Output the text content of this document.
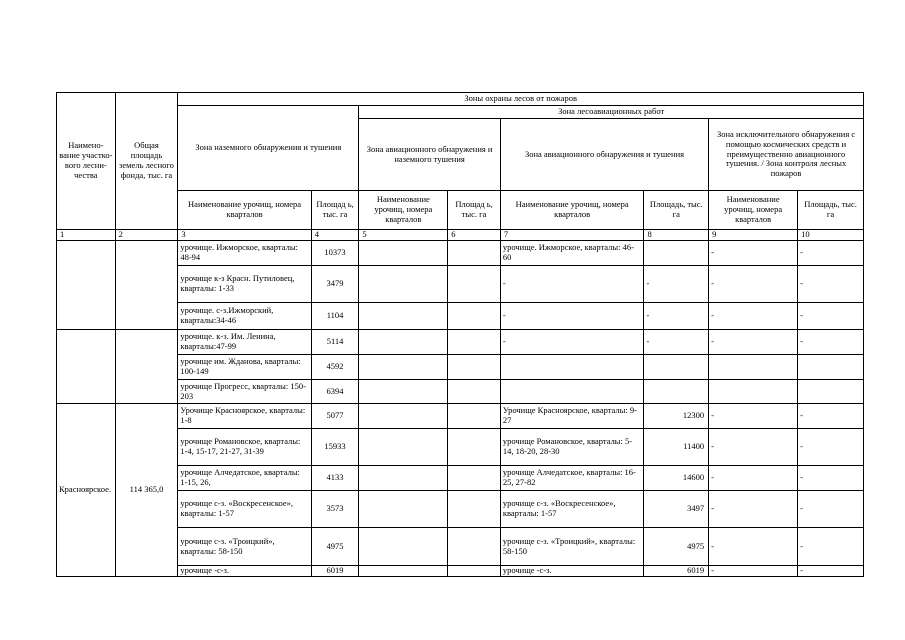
Наимено-вание участко-вого лесни-чества	Общая площадь земель лесного фонда, тыс. га	Зоны охраны лесов от пожаров							
		Зона наземного обнаружения и тушения		Зона лесоавиационных работ					
				Зона авиационного обнаружения и наземного тушения		Зона авиационного обнаружения и тушения		Зона исключительного обнаружения с помощью космических средств и преимущественно авиационного тушения. / Зона контроля лесных пожаров	
		Наименование урочищ, номера кварталов	Площад ь, тыс. га	Наименование урочищ, номера кварталов	Площад ь, тыс. га	Наименование урочищ, номера кварталов	Площадь, тыс. га	Наименование урочищ, номера кварталов	Площадь, тыс. га
1	2	3	4	5	6	7	8	9	10
		урочище. Ижморское, кварталы: 48-94	10373			урочище. Ижморское, кварталы: 46-60		-	-
		урочище к-з Красн. Путиловец, кварталы: 1-33	3479			-	-	-	-
		урочище. с-з.Ижморский, кварталы:34-46	1104			-	-	-	-
		урочище. к-з. Им. Ленина, кварталы:47-99	5114			-	-	-	-
		урочище им. Жданова, кварталы: 100-149	4592						
		урочище Прогресс, кварталы: 150-203	6394						
Красноярское.	114 365,0	Урочище Красноярское, кварталы: 1-8	5077			Урочище Красноярское, кварталы: 9-27	12300	-	-
		урочище Романовское, кварталы: 1-4, 15-17, 21-27, 31-39	15933			урочище Романовское, кварталы: 5-14, 18-20, 28-30	11400	-	-
		урочище Алчедатское, кварталы: 1-15, 26,	4133			урочище Алчедатское, кварталы: 16-25, 27-82	14600	-	-
		урочище с-з. «Воскресенское», кварталы: 1-57	3573			урочище с-з. «Воскресенское», кварталы: 1-57	3497	-	-
		урочище с-з. «Троицкий», кварталы: 58-150	4975			урочище с-з. «Троицкий», кварталы: 58-150	4975	-	-
		урочище -с-з.	6019			урочище -с-з.	6019	-	-
